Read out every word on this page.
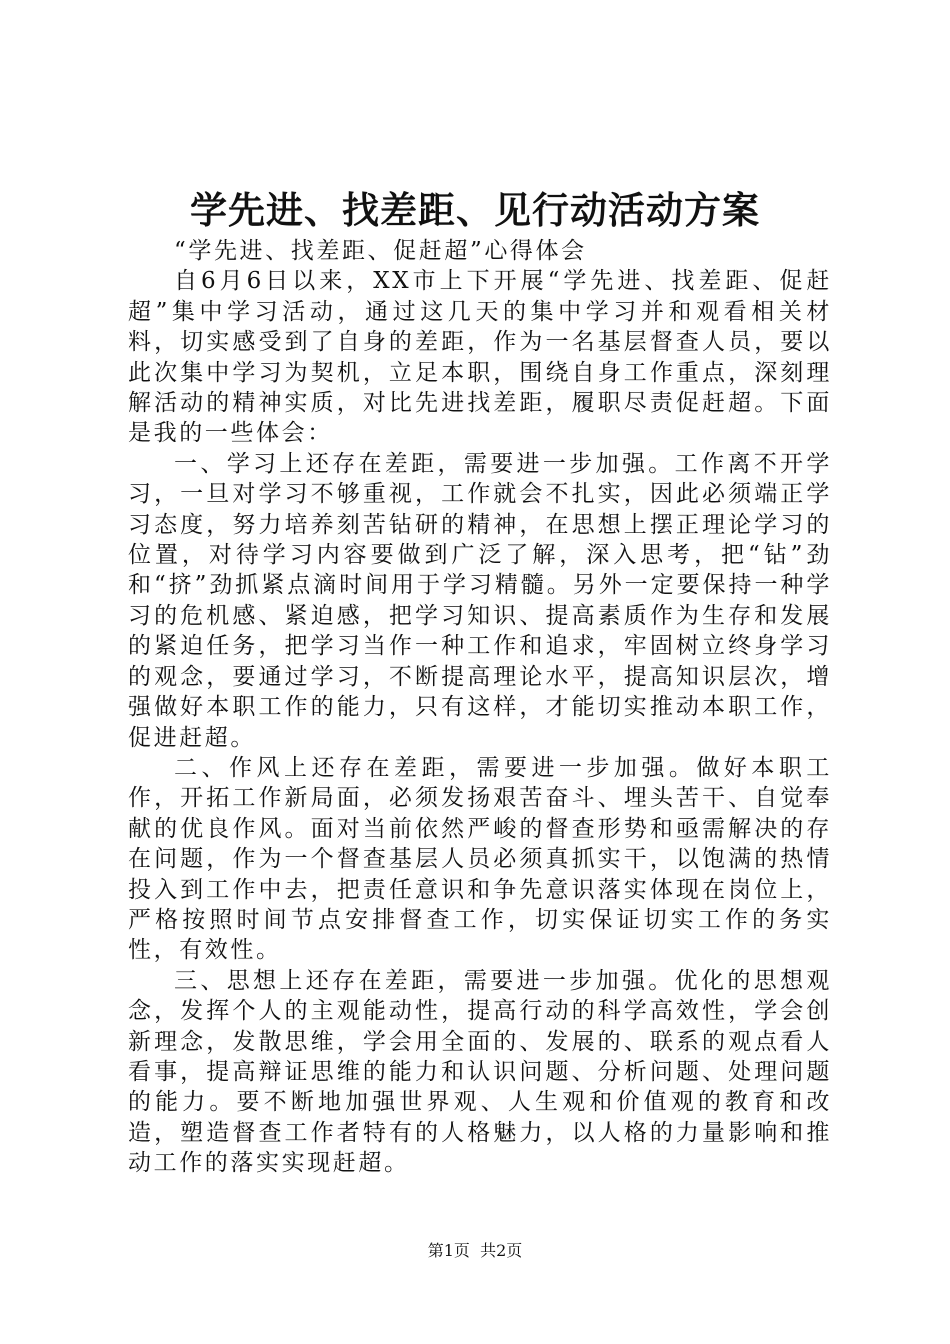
学先进、找差距、见行动活动方案

“学先进、找差距、促赶超”心得体会

自6月6日以来，XX市上下开展“学先进、找差距、促赶超”集中学习活动，通过这几天的集中学习并和观看相关材料，切实感受到了自身的差距，作为一名基层督查人员，要以此次集中学习为契机，立足本职，围绕自身工作重点，深刻理解活动的精神实质，对比先进找差距，履职尽责促赶超。下面是我的一些体会：

一、学习上还存在差距，需要进一步加强。工作离不开学习，一旦对学习不够重视，工作就会不扎实，因此必须端正学习态度，努力培养刻苦钻研的精神，在思想上摆正理论学习的位置，对待学习内容要做到广泛了解，深入思考，把“钻”劲和“挤”劲抓紧点滴时间用于学习精髓。另外一定要保持一种学习的危机感、紧迫感，把学习知识、提高素质作为生存和发展的紧迫任务，把学习当作一种工作和追求，牢固树立终身学习的观念，要通过学习，不断提高理论水平，提高知识层次，增强做好本职工作的能力，只有这样，才能切实推动本职工作，促进赶超。

二、作风上还存在差距，需要进一步加强。做好本职工作，开拓工作新局面，必须发扬艰苦奋斗、埋头苦干、自觉奉献的优良作风。面对当前依然严峻的督查形势和亟需解决的存在问题，作为一个督查基层人员必须真抓实干，以饱满的热情投入到工作中去，把责任意识和争先意识落实体现在岗位上，严格按照时间节点安排督查工作，切实保证切实工作的务实性，有效性。

三、思想上还存在差距，需要进一步加强。优化的思想观念，发挥个人的主观能动性，提高行动的科学高效性，学会创新理念，发散思维，学会用全面的、发展的、联系的观点看人看事，提高辩证思维的能力和认识问题、分析问题、处理问题的能力。要不断地加强世界观、人生观和价值观的教育和改造，塑造督查工作者特有的人格魅力，以人格的力量影响和推动工作的落实实现赶超。

第1页 共2页
